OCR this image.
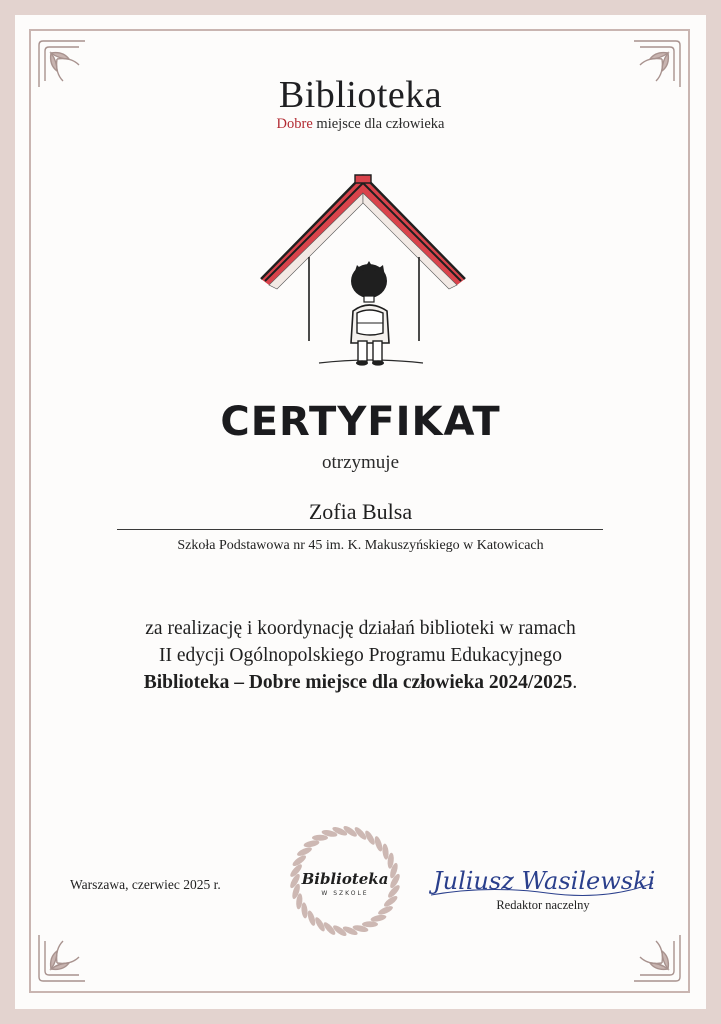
Biblioteka
Dobre miejsce dla człowieka
CERTYFIKAT
otrzymuje
Zofia Bulsa
Szkoła Podstawowa nr 45 im. K. Makuszyńskiego w Katowicach
za realizację i koordynację działań biblioteki w ramach
II edycji Ogólnopolskiego Programu Edukacyjnego
Biblioteka – Dobre miejsce dla człowieka 2024/2025.
Warszawa, czerwiec 2025 r.	Biblioteka
W SZKOLE	Juliusz Wasilewski
Redaktor naczelny
